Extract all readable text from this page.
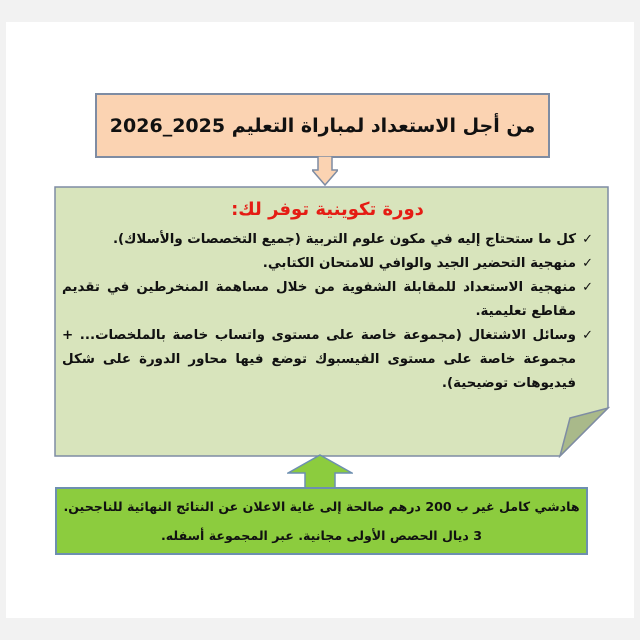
من أجل الاستعداد لمباراة التعليم 2025_2026
دورة تكوينية توفر لك:
✓
كل ما ستحتاج إليه في مكون علوم التربية (جميع التخصصات والأسلاك).
✓
منهجية التحضير الجيد والوافي للامتحان الكتابي.
✓
منهجية الاستعداد للمقابلة الشفوية من خلال مساهمة المنخرطين في تقديم مقاطع تعليمية.
✓
وسائل الاشتغال (مجموعة خاصة على مستوى واتساب خاصة بالملخصات... + مجموعة خاصة على مستوى الفيسبوك توضع فيها محاور الدورة على شكل فيديوهات توضيحية).
هادشي كامل غير ب 200 درهم صالحة إلى غاية الاعلان عن النتائج النهائية للناجحين.
3 ديال الحصص الأولى مجانية. عبر المجموعة أسفله.
